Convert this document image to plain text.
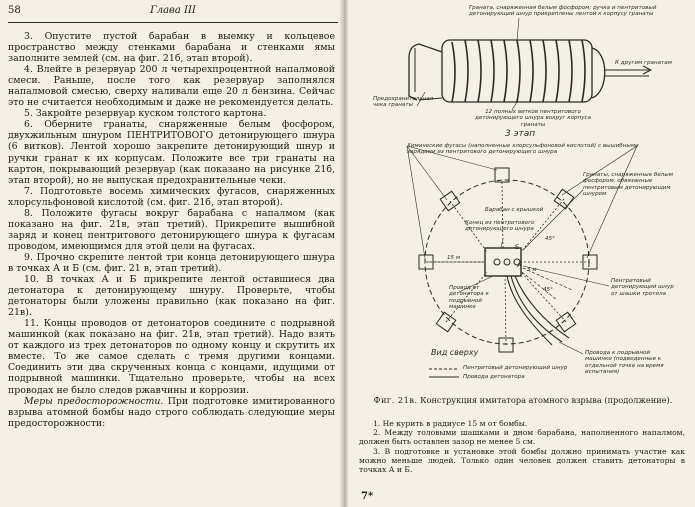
58	Глава III

3. Опустите пустой барабан в выемку и кольцевое пространство между стенками барабана и стенками ямы заполните землей (см. на фиг. 21б, этап второй).

4. Влейте в резервуар 200 л четырехпроцентной напалмовой смеси. Раньше, после того как резервуар заполнялся напалмовой смесью, сверху наливали еще 20 л бензина. Сейчас это не считается необходимым и даже не рекомендуется делать.

5. Закройте резервуар куском толстого картона.

6. Оберните гранаты, снаряженные белым фосфором, двухжильным шнуром ПЕНТРИТОВОГО детонирующего шнура (6 витков). Лентой хорошо закрепите детонирующий шнур и ручки гранат к их корпусам. Положите все три гранаты на картон, покрывающий резервуар (как показано на рисунке 21б, этап второй), но не выпуская предохранительные чеки.

7. Подготовьте восемь химических фугасов, снаряженных хлорсульфоновой кислотой (см. фиг. 21б, этап второй).

8. Положите фугасы вокруг барабана с напалмом (как показано на фиг. 21в, этап третий). Прикрепите вышибной заряд и конец пентритового детонирующего шнура к фугасам проводом, имеющимся для этой цели на фугасах.

9. Прочно скрепите лентой три конца детонирующего шнура в точках А и Б (см. фиг. 21 в, этап третий).

10. В точках А и Б прикрепите лентой оставшиеся два детонатора к детонирующему шнуру. Проверьте, чтобы детонаторы были уложены правильно (как показано на фиг. 21в).

11. Концы проводов от детонаторов соедините с подрывной машинкой (как показано на фиг. 21в, этап третий). Надо взять от каждого из трех детонаторов по одному концу и скрутить их вместе. То же самое сделать с тремя другими концами. Соединить эти два скрученных конца с концами, идущими от подрывной машинки. Тщательно проверьте, чтобы на всех проводах не было следов ржавчины и коррозии.

Меры предосторожности. При подготовке имитированного взрыва атомной бомбы надо строго соблюдать следующие меры предосторожности:

Граната, снаряженная белым фосфором; ручка и пентритовый детонирующий шнур прикреплены лентой к корпусу гранаты
Предохранительная чека гранаты
К другим гранатам
12 полных витков пентритового детонирующего шнура вокруг корпуса гранаты
3 этап
Химические фугасы (наполненные хлорсульфоновой кислотой) с вышибными зарядами из пентритового детонирующего шнура
Барабан с крышкой
Конец из пентритового детонирующего шнура
Гранаты, снаряженные белым фосфором, обвязанные пентритовым детонирующим шнуром
15 м
45°
45°
5 м
Провод от детонатора к подрывной машинке
Пентритовый детонирующий шнур от шашки тротила
Вид сверху
А
Б
Провода к подрывной машинке (подведенные к отдельной точке на время испытания)
Пентритовый детонирующий шнур
Провода детонатора
Фиг. 21в. Конструкция имитатора атомного взрыва (продолжение).

1. Не курить в радиусе 15 м от бомбы.

2. Между толовыми шашками и дном барабана, наполненного напалмом, должен быть оставлен зазор не менее 5 см.

3. В подготовке и установке этой бомбы должно принимать участие как можно меньше людей. Только один человек должен ставить детонаторы в точках А и Б.

7*
